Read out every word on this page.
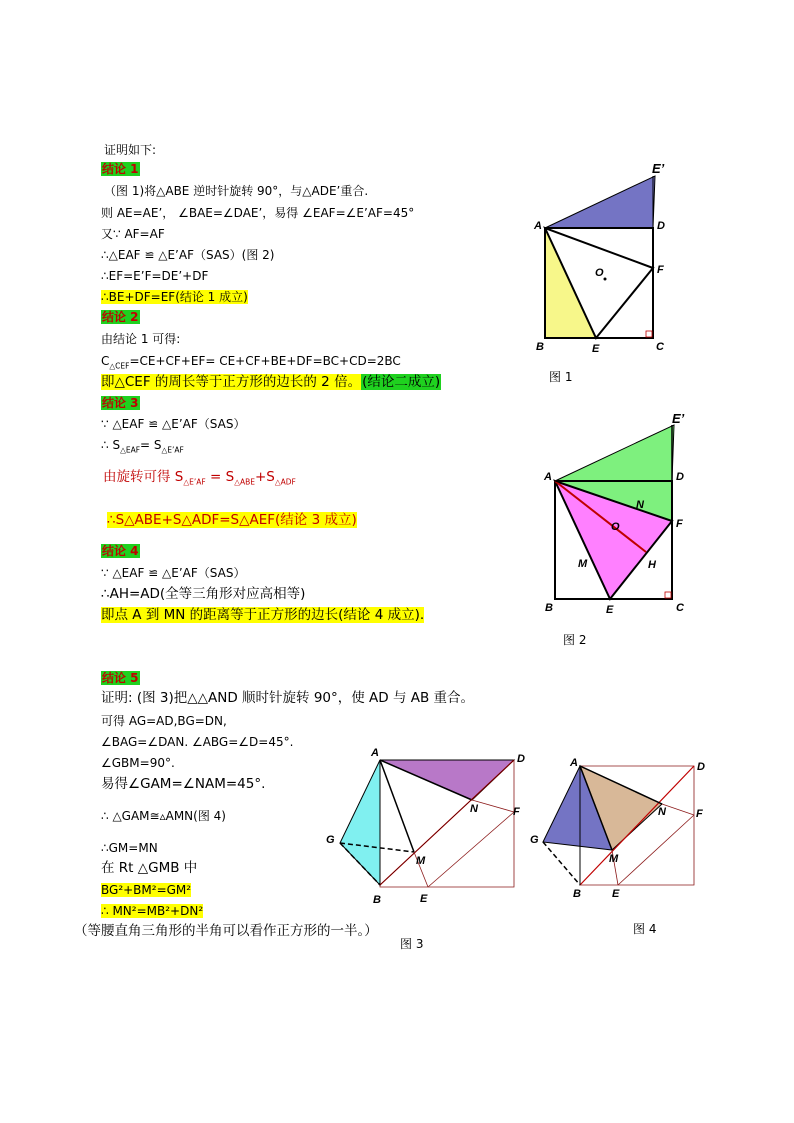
证明如下:
结论 1
（图 1)将△ABE 逆时针旋转 90°，与△ADE’重合.
则 AE=AE’， ∠BAE=∠DAE’，易得 ∠EAF=∠E’AF=45°
又∵ AF=AF
∴△EAF ≌ △E’AF（SAS）(图 2)
∴EF=E’F=DE’+DF
∴BE+DF=EF(结论 1 成立)
结论 2
由结论 1 可得:
$C_{\triangle CEF}=CE+CF+EF= CE+CF+BE+DF=BC+CD=2BC$
即△CEF 的周长等于正方形的边长的 2 倍。(结论二成立)
结论 3
∵ △EAF ≌ △E’AF（SAS）
∴ $S_{\triangle EAF}= S_{\triangle E’AF}$
由旋转可得 $S_{\triangle E’AF} = S_{\triangle ABE}+S_{\triangle ADF}$
∴S△ABE+S△ADF=S△AEF(结论 3 成立)
结论 4
∵ △EAF ≌ △E’AF（SAS）
∴AH=AD(全等三角形对应高相等)
即点 A 到 MN 的距离等于正方形的边长(结论 4 成立).
结论 5
证明: (图 3)把△△AND 顺时针旋转 90°，使 AD 与 AB 重合。
可得 AG=AD,BG=DN,
∠BAG=∠DAN. ∠ABG=∠D=45°.
∠GBM=90°.
易得∠GAM=∠NAM=45°.
∴ △GAM≅▵AMN(图 4)
∴GM=MN
在 Rt △GMB 中
BG²+BM²=GM²
∴ MN²=MB²+DN²
（等腰直角三角形的半角可以看作正方形的一半。）
A
B	C
D
E
F
O
E’
图 1
A
B	C
D
E
F
O
N
M	H
E’
图 2
A
B
D
G
M
N	F
E
图 3
A
B
D
G
M
N	F
E
图 4
